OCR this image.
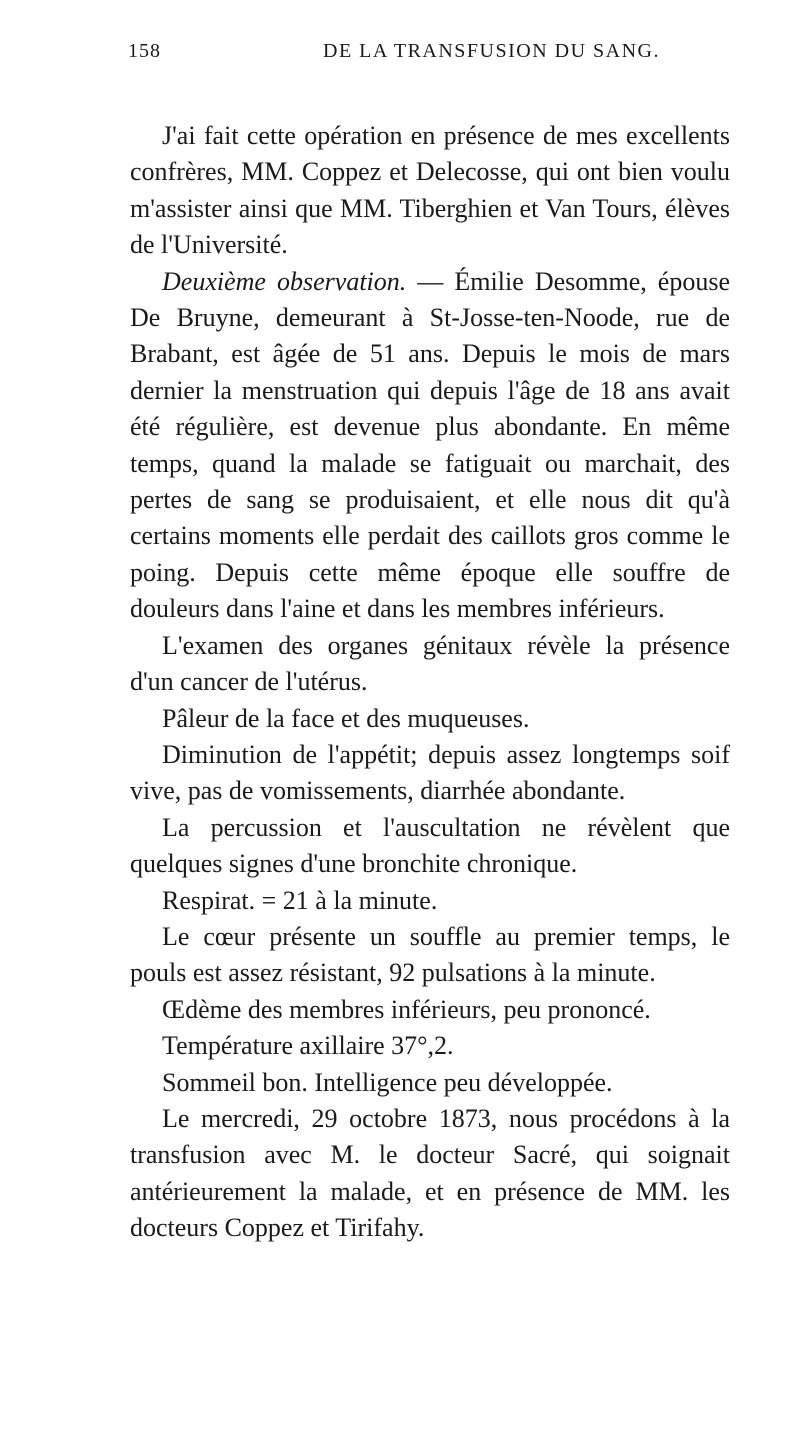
158	DE LA TRANSFUSION DU SANG.

J'ai fait cette opération en présence de mes excellents confrères, MM. Coppez et Delecosse, qui ont bien voulu m'assister ainsi que MM. Tiberghien et Van Tours, élèves de l'Université.

Deuxième observation. — Émilie Desomme, épouse De Bruyne, demeurant à St-Josse-ten-Noode, rue de Brabant, est âgée de 51 ans. Depuis le mois de mars dernier la menstruation qui depuis l'âge de 18 ans avait été régulière, est devenue plus abondante. En même temps, quand la malade se fatiguait ou marchait, des pertes de sang se produisaient, et elle nous dit qu'à certains moments elle perdait des caillots gros comme le poing. Depuis cette même époque elle souffre de douleurs dans l'aine et dans les membres inférieurs.

L'examen des organes génitaux révèle la présence d'un cancer de l'utérus.

Pâleur de la face et des muqueuses.

Diminution de l'appétit; depuis assez longtemps soif vive, pas de vomissements, diarrhée abondante.

La percussion et l'auscultation ne révèlent que quelques signes d'une bronchite chronique.

Respirat. = 21 à la minute.

Le cœur présente un souffle au premier temps, le pouls est assez résistant, 92 pulsations à la minute.

Œdème des membres inférieurs, peu prononcé.

Température axillaire 37°,2.

Sommeil bon. Intelligence peu développée.

Le mercredi, 29 octobre 1873, nous procédons à la transfusion avec M. le docteur Sacré, qui soignait antérieurement la malade, et en présence de MM. les docteurs Coppez et Tirifahy.
